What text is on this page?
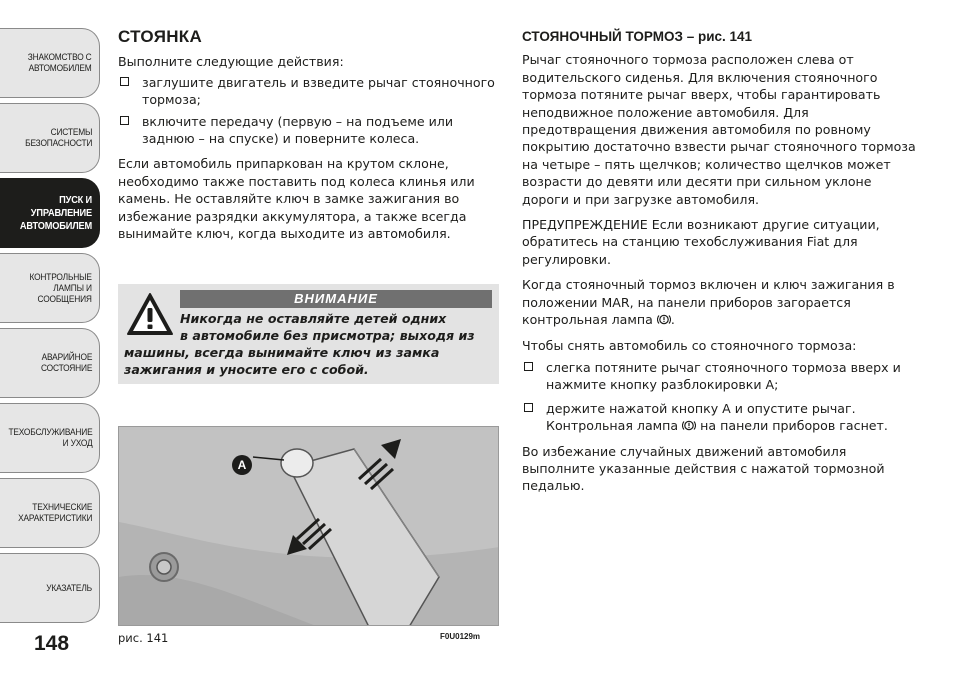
ЗНАКОМСТВО С
АВТОМОБИЛЕМ
СИСТЕМЫ
БЕЗОПАСНОСТИ
ПУСК И
УПРАВЛЕНИЕ
АВТОМОБИЛЕМ
КОНТРОЛЬНЫЕ
ЛАМПЫ И
СООБЩЕНИЯ
АВАРИЙНОЕ
СОСТОЯНИЕ
ТЕХОБСЛУЖИВАНИЕ
И УХОД
ТЕХНИЧЕСКИЕ
ХАРАКТЕРИСТИКИ
УКАЗАТЕЛЬ
148
СТОЯНКА

Выполните следующие действия:

заглушите двигатель и взведите рычаг стояночного тормоза;
включите передачу (первую – на подъеме или заднюю – на спуске) и поверните колеса.

Если автомобиль припаркован на крутом склоне, необходимо также поставить под колеса клинья или камень. Не оставляйте ключ в замке зажигания во избежание разрядки аккумулятора, а также всегда вынимайте ключ, когда выходите из автомобиля.

ВНИМАНИЕ
Никогда не оставляйте детей одних
в автомобиле без присмотра; выходя из
машины, всегда вынимайте ключ из замка
зажигания и уносите его с собой.
A
рис. 141	F0U0129m
СТОЯНОЧНЫЙ ТОРМОЗ – рис. 141

Рычаг стояночного тормоза расположен слева от водительского сиденья. Для включения стояночного тормоза потяните рычаг вверх, чтобы гарантировать неподвижное положение автомобиля. Для предотвращения движения автомобиля по ровному покрытию достаточно взвести рычаг стояночного тормоза на четыре – пять щелчков; количество щелчков может возрасти до девяти или десяти при сильном уклоне дороги и при загрузке автомобиля.

ПРЕДУПРЕЖДЕНИЕ Если возникают другие ситуации, обратитесь на станцию техобслуживания Fiat для регулировки.

Когда стояночный тормоз включен и ключ зажигания в положении MAR, на панели приборов загорается контрольная лампа .

Чтобы снять автомобиль со стояночного тормоза:

слегка потяните рычаг стояночного тормоза вверх и нажмите кнопку разблокировки A;
держите нажатой кнопку A и опустите рычаг. Контрольная лампа на панели приборов гаснет.

Во избежание случайных движений автомобиля выполните указанные действия с нажатой тормозной педалью.
